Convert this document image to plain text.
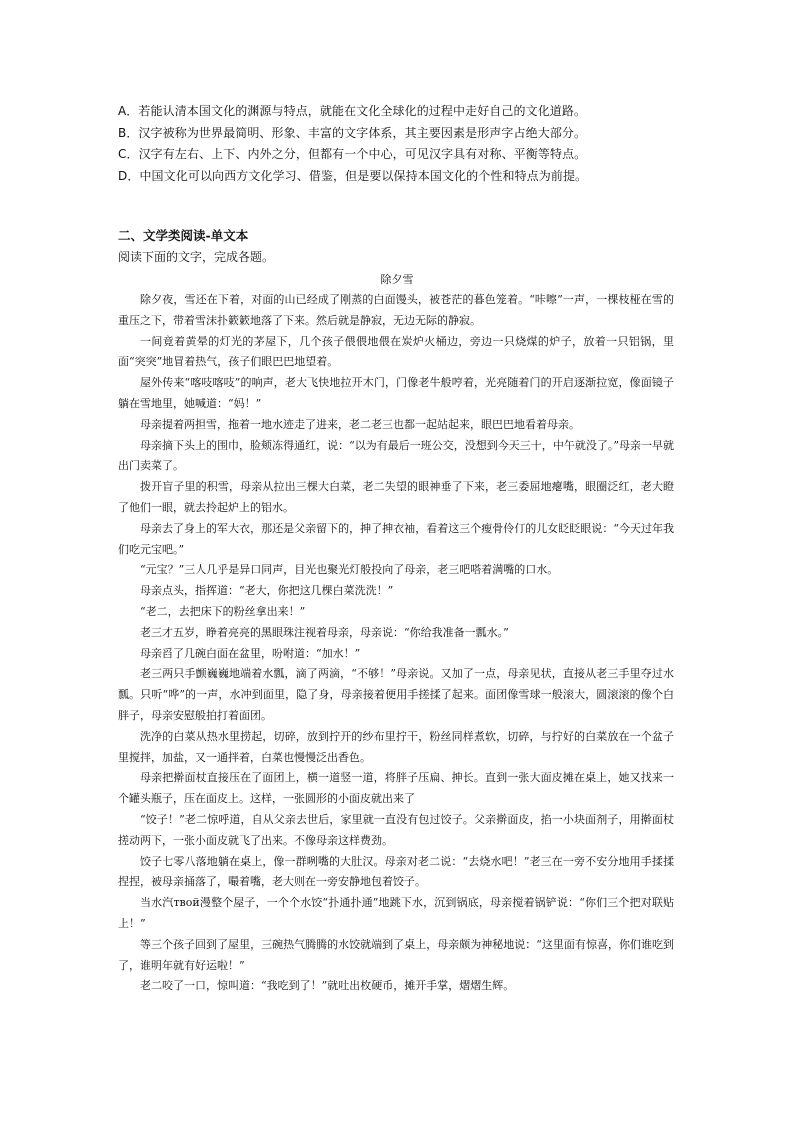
A．若能认清本国文化的渊源与特点，就能在文化全球化的过程中走好自己的文化道路。
B．汉字被称为世界最简明、形象、丰富的文字体系，其主要因素是形声字占绝大部分。
C．汉字有左右、上下、内外之分，但都有一个中心，可见汉字具有对称、平衡等特点。
D．中国文化可以向西方文化学习、借鉴，但是要以保持本国文化的个性和特点为前提。
二、文学类阅读-单文本
阅读下面的文字，完成各题。
除夕雪

除夕夜，雪还在下着，对面的山已经成了刚蒸的白面馒头，被苍茫的暮色笼着。“咔嚓”一声，一棵枝桠在雪的重压之下，带着雪沫扑簌簌地落了下来。然后就是静寂，无边无际的静寂。

一间竟着黄晕的灯光的茅屋下，几个孩子偎偎地偎在炭炉火桶边，旁边一只烧煤的炉子，放着一只铝锅，里面“突突”地冒着热气，孩子们眼巴巴地望着。

屋外传来“喀吱喀吱”的响声，老大飞快地拉开木门，门像老牛般哼着，光亮随着门的开启逐渐拉宽，像面镜子躺在雪地里，她喊道：“妈！”

母亲提着两担雪，拖着一地水迹走了进来，老二老三也都一起站起来，眼巴巴地看着母亲。

母亲摘下头上的围巾，脸颊冻得通红，说：“以为有最后一班公交，没想到今天三十，中午就没了。”母亲一早就出门卖菜了。

拨开盲子里的积雪，母亲从拉出三棵大白菜，老二失望的眼神垂了下来，老三委屈地瘪嘴，眼圈泛红，老大瞪了他们一眼，就去拎起炉上的铝水。

母亲去了身上的军大衣，那还是父亲留下的，抻了抻衣袖，看着这三个瘦骨伶仃的儿女眨眨眼说：“今天过年我们吃元宝吧。”

“元宝？”三人几乎是异口同声，目光也聚光灯般投向了母亲，老三吧嗒着满嘴的口水。

母亲点头，指挥道：“老大，你把这几棵白菜洗洗！”

“老二，去把床下的粉丝拿出来！”

老三才五岁，睁着亮亮的黑眼珠注视着母亲，母亲说：“你给我准备一瓢水。”

母亲舀了几碗白面在盆里，吩咐道：“加水！”

老三两只手颤巍巍地端着水瓢，滴了两滴，“不够！”母亲说。又加了一点，母亲见状，直接从老三手里夺过水瓢。只听“哗”的一声，水冲到面里，隐了身，母亲接着便用手搓揉了起来。面团像雪球一般滚大，圆滚滚的像个白胖子，母亲安慰般拍打着面团。

洗净的白菜从热水里捞起，切碎，放到拧开的纱布里拧干，粉丝同样煮软，切碎，与拧好的白菜放在一个盆子里搅拌，加盐，又一通拌着，白菜也慢慢泛出香色。

母亲把擀面杖直接压在了面团上，横一道竖一道，将胖子压扁、抻长。直到一张大面皮摊在桌上，她又找来一个罐头瓶子，压在面皮上。这样，一张圆形的小面皮就出来了

“饺子！”老二惊呼道，自从父亲去世后，家里就一直没有包过饺子。父亲擀面皮，掐一小块面剂子，用擀面杖搓动两下，一张小面皮就飞了出来。不像母亲这样费劲。

饺子七零八落地躺在桌上，像一群咧嘴的大肚汉。母亲对老二说：“去烧水吧！”老三在一旁不安分地用手揉揉捏捏，被母亲捅落了，嘬着嘴，老大则在一旁安静地包着饺子。

当水汽твой漫整个屋子，一个个水饺“扑通扑通”地跳下水，沉到锅底，母亲搅着锅铲说：“你们三个把对联贴上！”

等三个孩子回到了屋里，三碗热气腾腾的水饺就端到了桌上，母亲颇为神秘地说：“这里面有惊喜，你们谁吃到了，谁明年就有好运啦！”

老二咬了一口，惊叫道：“我吃到了！”就吐出枚硬币，摊开手掌，熠熠生辉。
